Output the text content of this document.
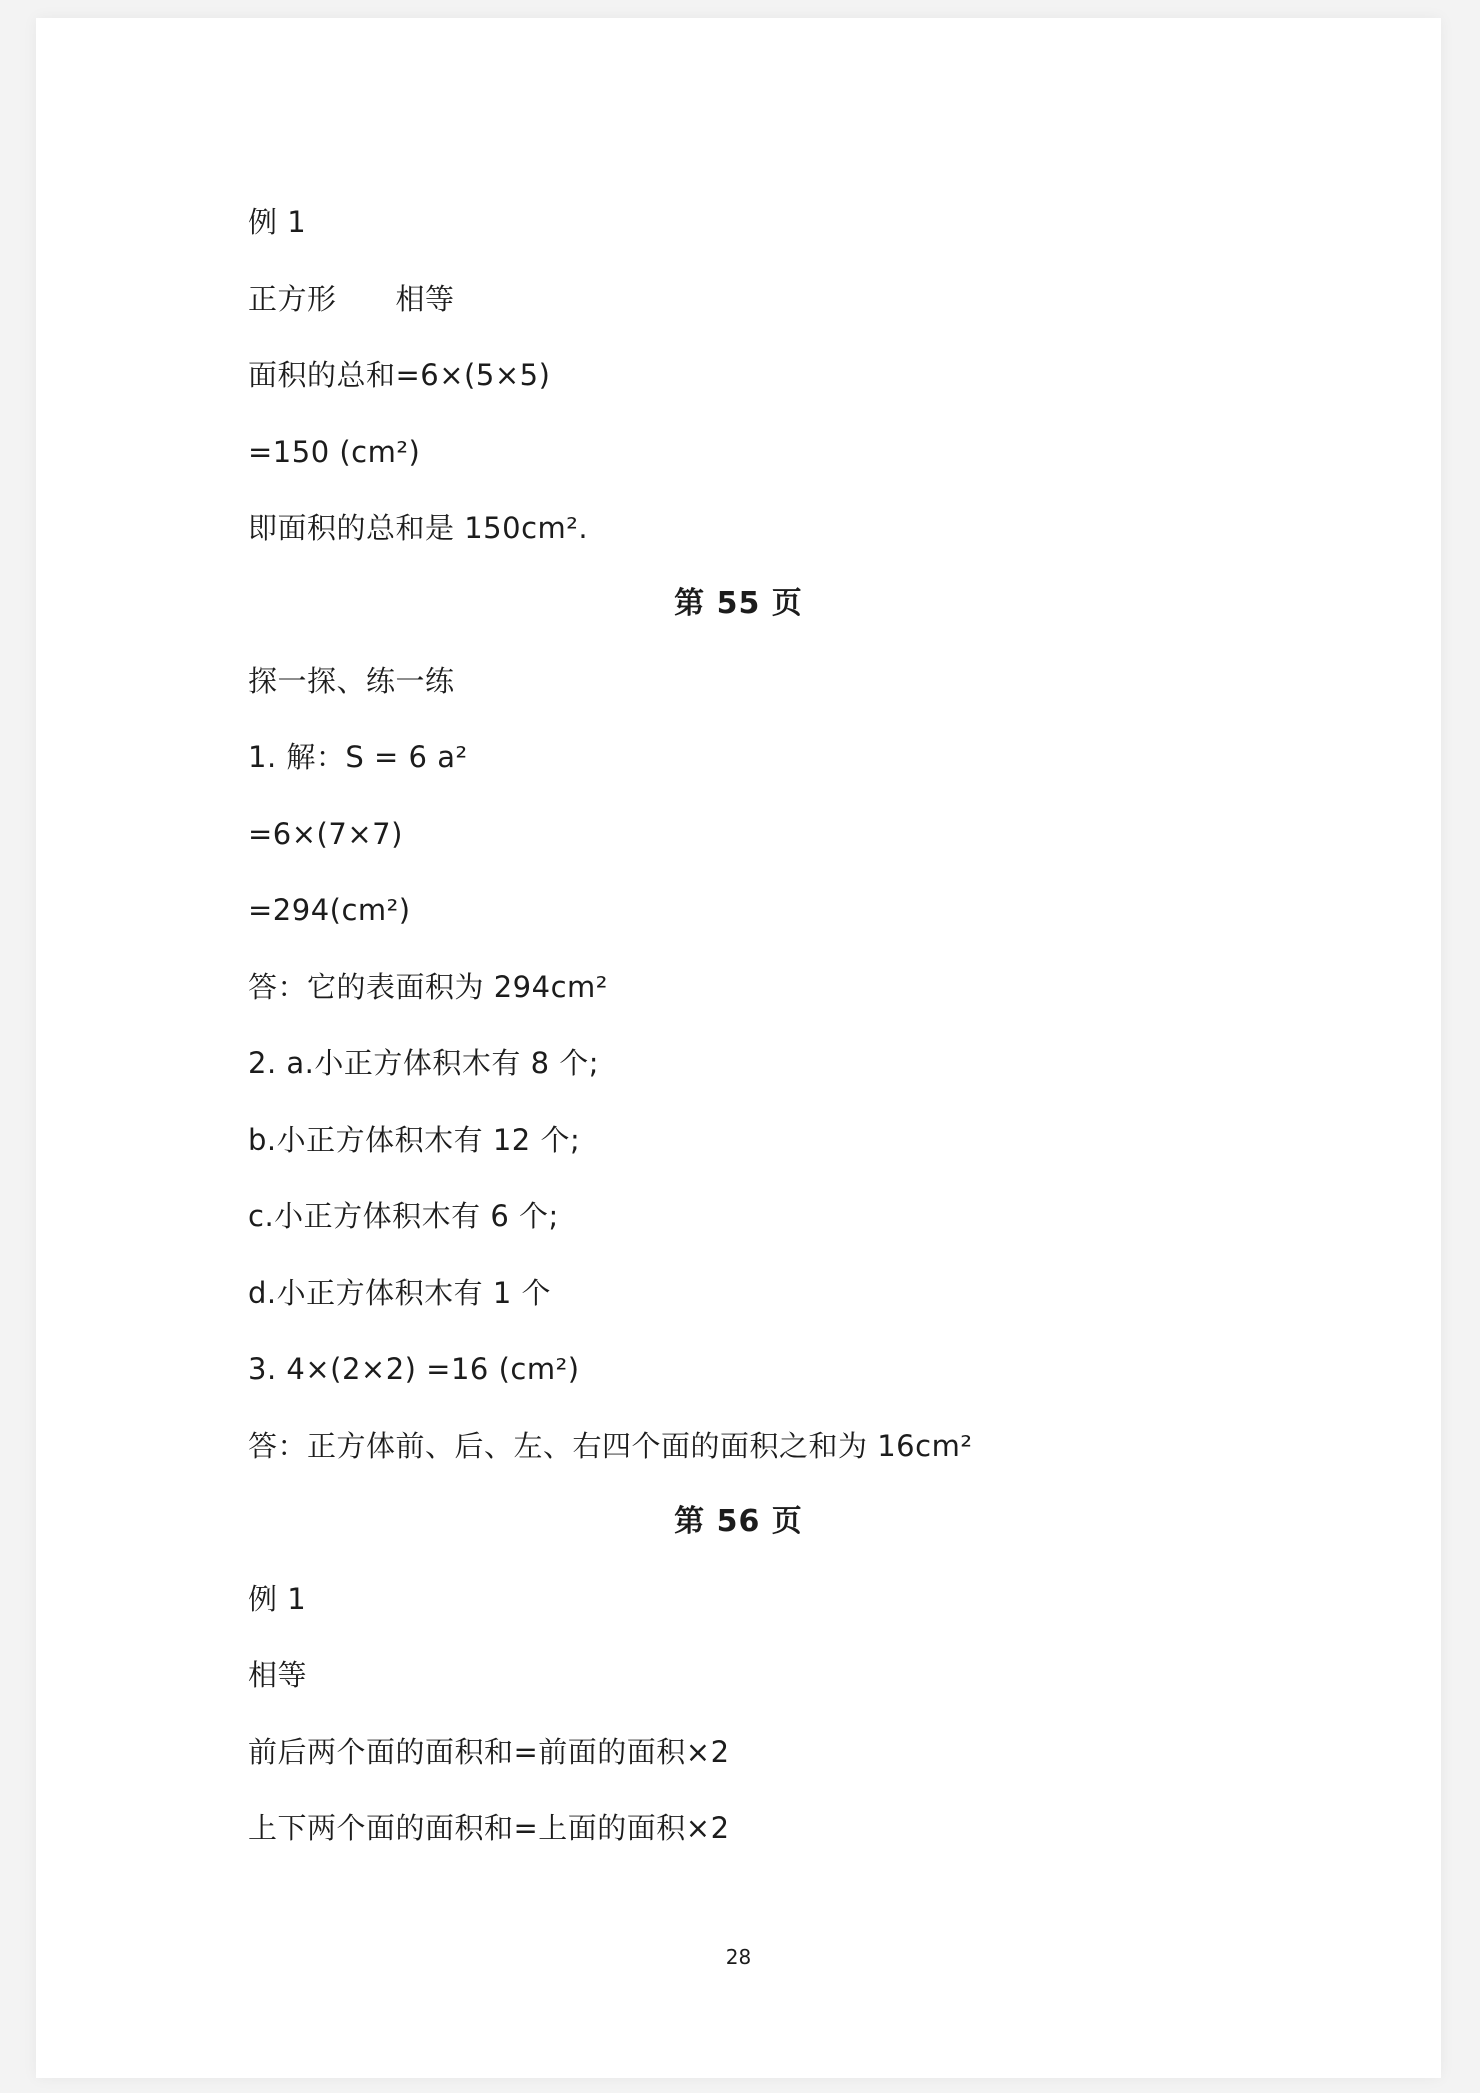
例 1
正方形　　相等
面积的总和=6×(5×5)
=150 (cm²)
即面积的总和是 150cm².
第 55 页
探一探、练一练
1. 解：S = 6 a²
=6×(7×7)
=294(cm²)
答：它的表面积为 294cm²
2. a.小正方体积木有 8 个;
b.小正方体积木有 12 个;
c.小正方体积木有 6 个;
d.小正方体积木有 1 个
3. 4×(2×2) =16 (cm²)
答：正方体前、后、左、右四个面的面积之和为 16cm²
第 56 页
例 1
相等
前后两个面的面积和=前面的面积×2
上下两个面的面积和=上面的面积×2
28
